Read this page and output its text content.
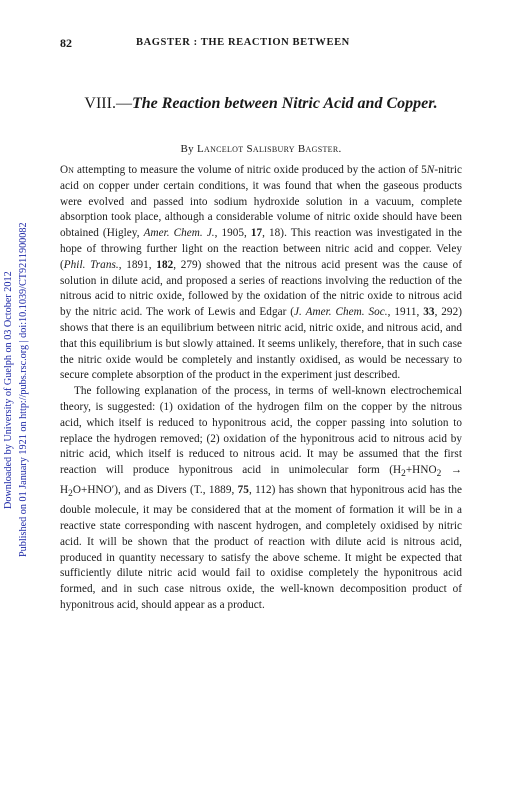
Downloaded by University of Guelph on 03 October 2012 Published on 01 January 1921 on http://pubs.rsc.org | doi:10.1039/CT9211900082
82	BAGSTER : THE REACTION BETWEEN
VIII.—The Reaction between Nitric Acid and Copper.
By Lancelot Salisbury Bagster.

On attempting to measure the volume of nitric oxide produced by the action of 5N-nitric acid on copper under certain conditions, it was found that when the gaseous products were evolved and passed into sodium hydroxide solution in a vacuum, complete absorption took place, although a considerable volume of nitric oxide should have been obtained (Higley, Amer. Chem. J., 1905, 17, 18). This reaction was investigated in the hope of throwing further light on the reaction between nitric acid and copper. Veley (Phil. Trans., 1891, 182, 279) showed that the nitrous acid present was the cause of solution in dilute acid, and proposed a series of reactions involving the reduction of the nitrous acid to nitric oxide, followed by the oxidation of the nitric oxide to nitrous acid by the nitric acid. The work of Lewis and Edgar (J. Amer. Chem. Soc., 1911, 33, 292) shows that there is an equilibrium between nitric acid, nitric oxide, and nitrous acid, and that this equilibrium is but slowly attained. It seems unlikely, therefore, that in such case the nitric oxide would be completely and instantly oxidised, as would be necessary to secure complete absorption of the product in the experiment just described.

The following explanation of the process, in terms of well-known electrochemical theory, is suggested: (1) oxidation of the hydrogen film on the copper by the nitrous acid, which itself is reduced to hyponitrous acid, the copper passing into solution to replace the hydrogen removed; (2) oxidation of the hyponitrous acid to nitrous acid by nitric acid, which itself is reduced to nitrous acid. It may be assumed that the first reaction will produce hyponitrous acid in unimolecular form $(H_2+HNO_2 \to H_2O+HNO')$, and as Divers (T., 1889, 75, 112) has shown that hyponitrous acid has the double molecule, it may be considered that at the moment of formation it will be in a reactive state corresponding with nascent hydrogen, and completely oxidised by nitric acid. It will be shown that the product of reaction with dilute acid is nitrous acid, produced in quantity necessary to satisfy the above scheme. It might be expected that sufficiently dilute nitric acid would fail to oxidise completely the hyponitrous acid formed, and in such case nitrous oxide, the well-known decomposition product of hyponitrous acid, should appear as a product.
